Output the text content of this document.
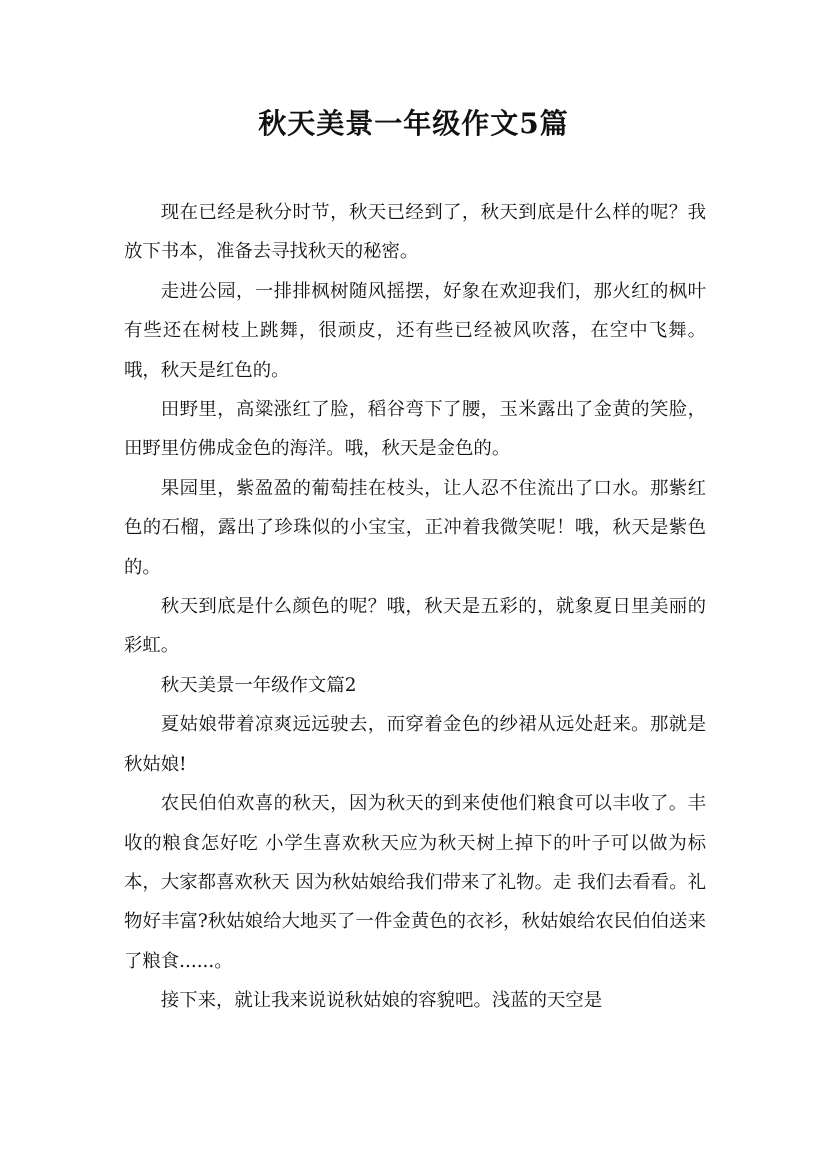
秋天美景一年级作文5篇

现在已经是秋分时节，秋天已经到了，秋天到底是什么样的呢？我放下书本，准备去寻找秋天的秘密。

走进公园，一排排枫树随风摇摆，好象在欢迎我们，那火红的枫叶有些还在树枝上跳舞，很顽皮，还有些已经被风吹落，在空中飞舞。哦，秋天是红色的。

田野里，高粱涨红了脸，稻谷弯下了腰，玉米露出了金黄的笑脸，田野里仿佛成金色的海洋。哦，秋天是金色的。

果园里，紫盈盈的葡萄挂在枝头，让人忍不住流出了口水。那紫红色的石榴，露出了珍珠似的小宝宝，正冲着我微笑呢！哦，秋天是紫色的。

秋天到底是什么颜色的呢？哦，秋天是五彩的，就象夏日里美丽的彩虹。

秋天美景一年级作文篇2

夏姑娘带着凉爽远远驶去，而穿着金色的纱裙从远处赶来。那就是秋姑娘!

农民伯伯欢喜的秋天，因为秋天的到来使他们粮食可以丰收了。丰收的粮食怎好吃 小学生喜欢秋天应为秋天树上掉下的叶子可以做为标本，大家都喜欢秋天 因为秋姑娘给我们带来了礼物。走 我们去看看。礼物好丰富?秋姑娘给大地买了一件金黄色的衣衫，秋姑娘给农民伯伯送来了粮食......。

接下来，就让我来说说秋姑娘的容貌吧。浅蓝的天空是
